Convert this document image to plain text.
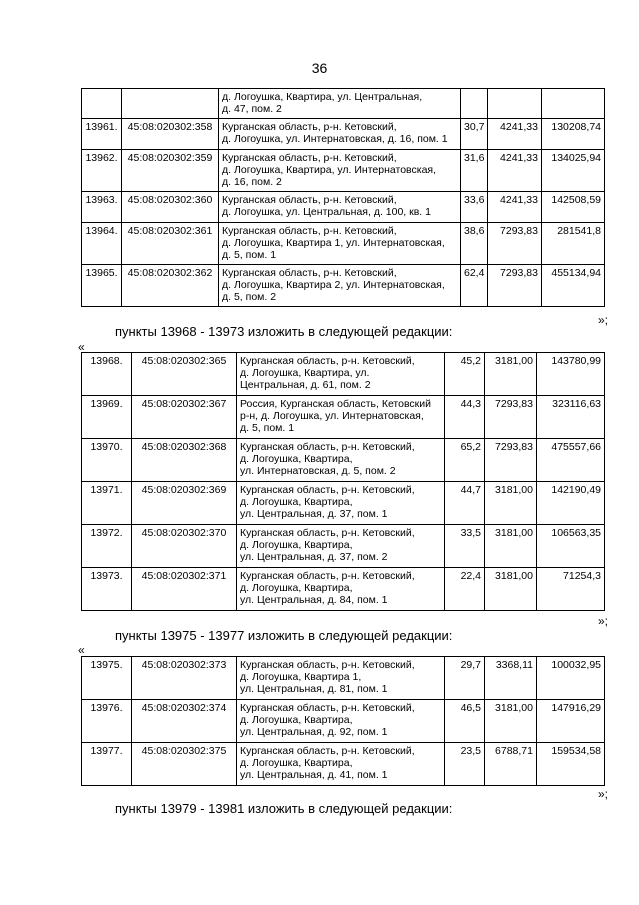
36

		д. Логоушка, Квартира, ул. Центральная,
д. 47, пом. 2			

13961.	45:08:020302:358	Курганская область, р-н. Кетовский,
д. Логоушка, ул. Интернатовская, д. 16, пом. 1	30,7	4241,33	130208,74
13962.	45:08:020302:359	Курганская область, р-н. Кетовский,
д. Логоушка, Квартира, ул. Интернатовская,
д. 16, пом. 2	31,6	4241,33	134025,94
13963.	45:08:020302:360	Курганская область, р-н. Кетовский,
д. Логоушка, ул. Центральная, д. 100, кв. 1	33,6	4241,33	142508,59
13964.	45:08:020302:361	Курганская область, р-н. Кетовский,
д. Логоушка, Квартира 1, ул. Интернатовская,
д. 5, пом. 1	38,6	7293,83	281541,8
13965.	45:08:020302:362	Курганская область, р-н. Кетовский,
д. Логоушка, Квартира 2, ул. Интернатовская,
д. 5, пом. 2	62,4	7293,83	455134,94
»;
пункты 13968 - 13973 изложить в следующей редакции:
«
13968.	45:08:020302:365	Курганская область, р-н. Кетовский,
д. Логоушка, Квартира, ул.
Центральная, д. 61, пом. 2	45,2	3181,00	143780,99
13969.	45:08:020302:367	Россия, Курганская область, Кетовский
р-н, д. Логоушка, ул. Интернатовская,
д. 5, пом. 1	44,3	7293,83	323116,63
13970.	45:08:020302:368	Курганская область, р-н. Кетовский,
д. Логоушка, Квартира,
ул. Интернатовская, д. 5, пом. 2	65,2	7293,83	475557,66
13971.	45:08:020302:369	Курганская область, р-н. Кетовский,
д. Логоушка, Квартира,
ул. Центральная, д. 37, пом. 1	44,7	3181,00	142190,49
13972.	45:08:020302:370	Курганская область, р-н. Кетовский,
д. Логоушка, Квартира,
ул. Центральная, д. 37, пом. 2	33,5	3181,00	106563,35
13973.	45:08:020302:371	Курганская область, р-н. Кетовский,
д. Логоушка, Квартира,
ул. Центральная, д. 84, пом. 1	22,4	3181,00	71254,3
»;
пункты 13975 - 13977 изложить в следующей редакции:
«
13975.	45:08:020302:373	Курганская область, р-н. Кетовский,
д. Логоушка, Квартира 1,
ул. Центральная, д. 81, пом. 1	29,7	3368,11	100032,95
13976.	45:08:020302:374	Курганская область, р-н. Кетовский,
д. Логоушка, Квартира,
ул. Центральная, д. 92, пом. 1	46,5	3181,00	147916,29
13977.	45:08:020302:375	Курганская область, р-н. Кетовский,
д. Логоушка, Квартира,
ул. Центральная, д. 41, пом. 1	23,5	6788,71	159534,58
»;
пункты 13979 - 13981 изложить в следующей редакции:
